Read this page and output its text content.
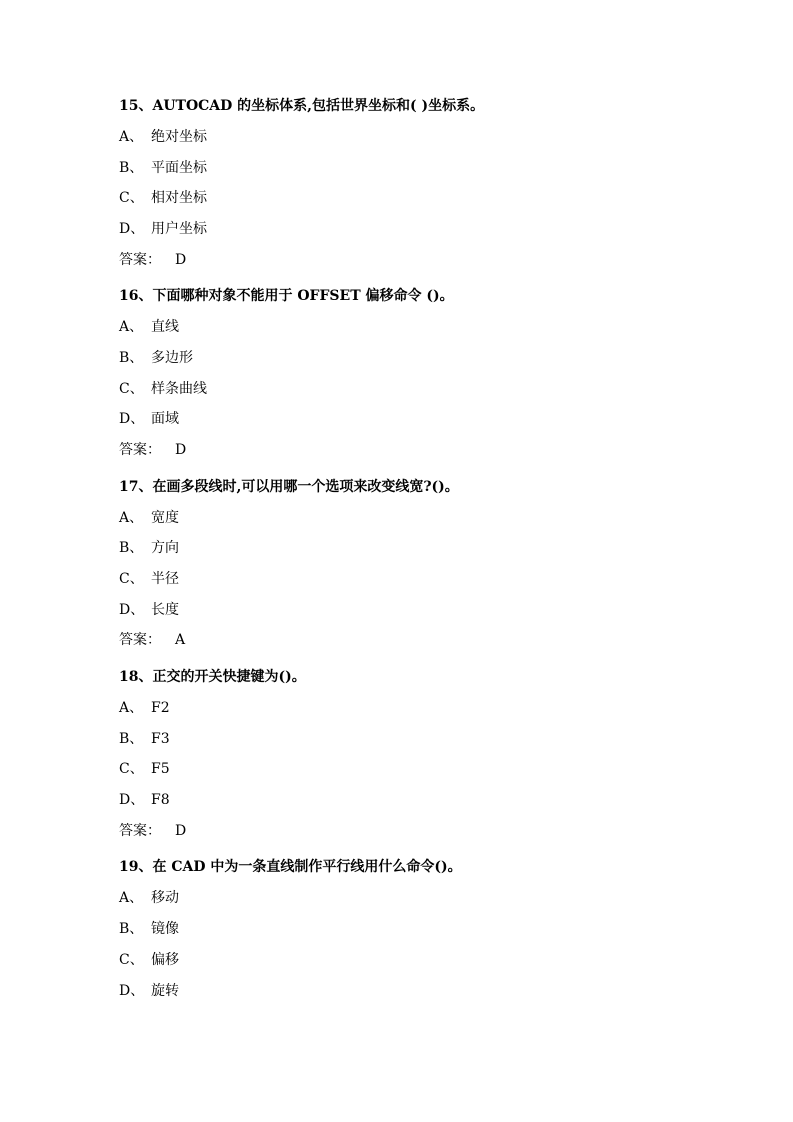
15、AUTOCAD 的坐标体系,包括世界坐标和( )坐标系。
A、 绝对坐标
B、 平面坐标
C、 相对坐标
D、 用户坐标
答案： D
16、下面哪种对象不能用于 OFFSET 偏移命令 ()。
A、 直线
B、 多边形
C、 样条曲线
D、 面域
答案： D
17、在画多段线时,可以用哪一个选项来改变线宽?()。
A、 宽度
B、 方向
C、 半径
D、 长度
答案： A
18、正交的开关快捷键为()。
A、 F2
B、 F3
C、 F5
D、 F8
答案： D
19、在 CAD 中为一条直线制作平行线用什么命令()。
A、 移动
B、 镜像
C、 偏移
D、 旋转
